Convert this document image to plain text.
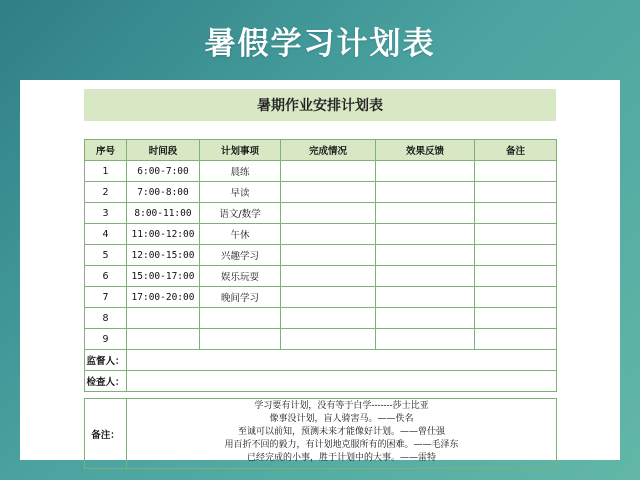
暑假学习计划表
暑期作业安排计划表
序号	时间段	计划事项	完成情况	效果反馈	备注
1	6:00-7:00	晨练			
2	7:00-8:00	早读			
3	8:00-11:00	语文/数学			
4	11:00-12:00	午休			
5	12:00-15:00	兴趣学习			
6	15:00-17:00	娱乐玩耍			
7	17:00-20:00	晚间学习			
8					
9					
监督人：					
检查人：					
备注：	
学习要有计划，没有等于白学-------莎士比亚
像事没计划，盲人骑害马。——佚名
至诚可以前知，预测未来才能像好计划。——曾仕强
用百折不回的毅力，有计划地克服所有的困难。——毛泽东
已经完成的小事，胜于计划中的大事。——雷特
